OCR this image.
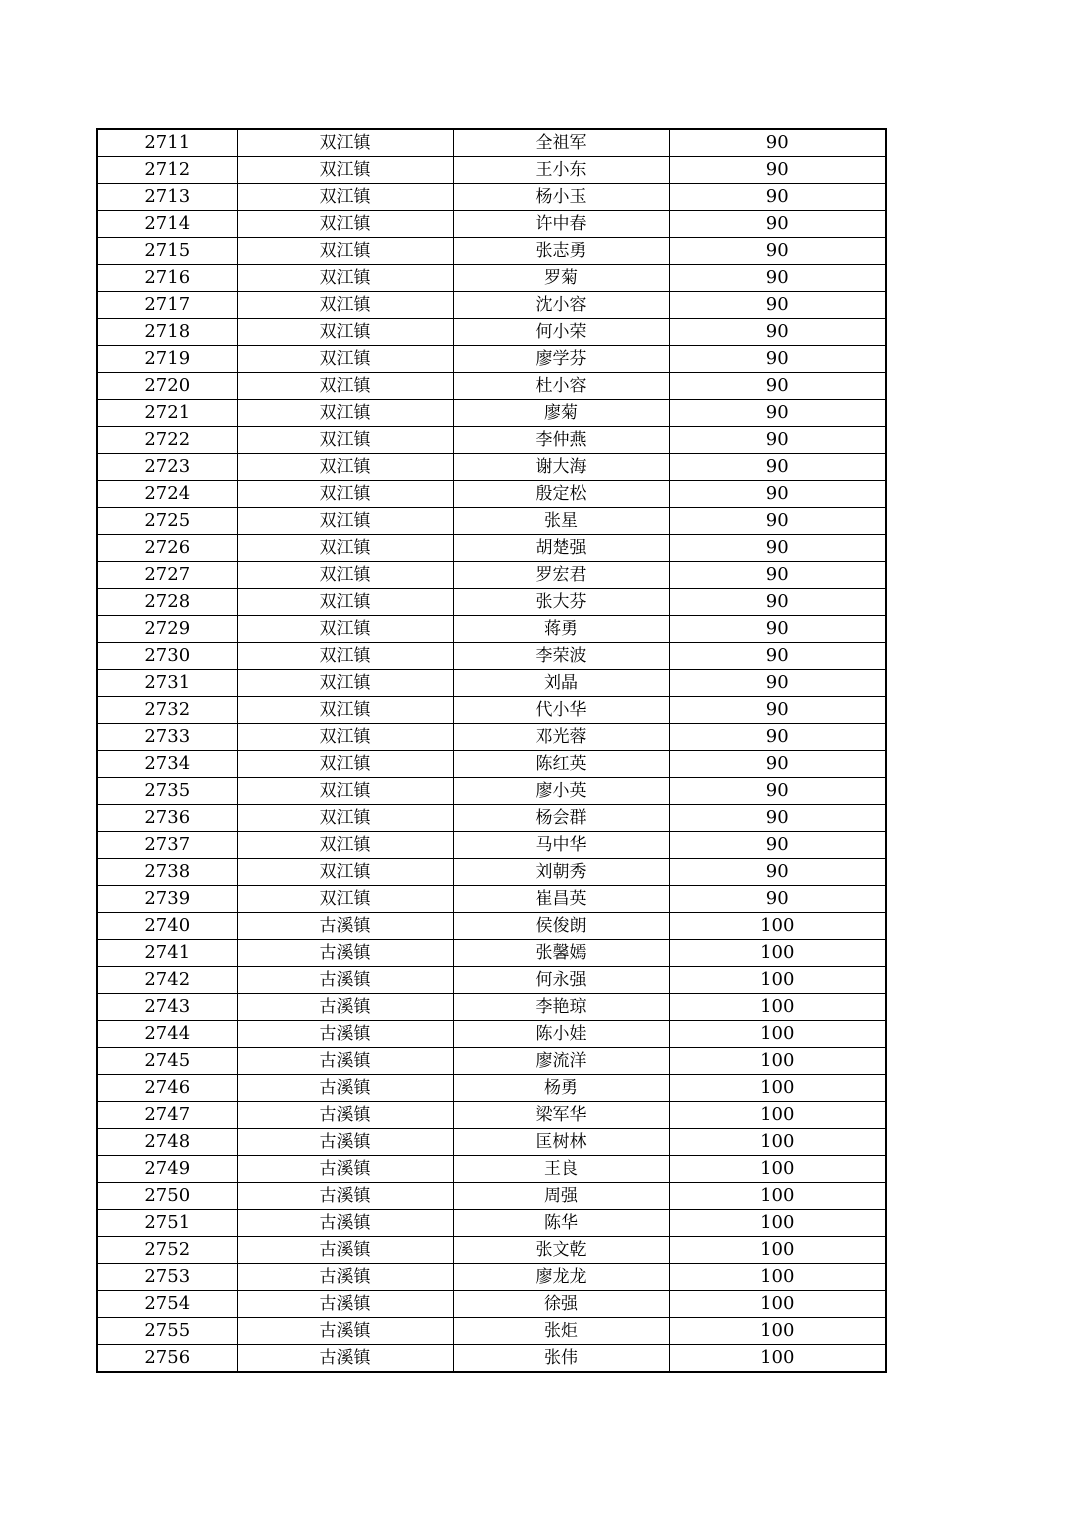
2711	双江镇	全祖军	90
2712	双江镇	王小东	90
2713	双江镇	杨小玉	90
2714	双江镇	许中春	90
2715	双江镇	张志勇	90
2716	双江镇	罗菊	90
2717	双江镇	沈小容	90
2718	双江镇	何小荣	90
2719	双江镇	廖学芬	90
2720	双江镇	杜小容	90
2721	双江镇	廖菊	90
2722	双江镇	李仲燕	90
2723	双江镇	谢大海	90
2724	双江镇	殷定松	90
2725	双江镇	张星	90
2726	双江镇	胡楚强	90
2727	双江镇	罗宏君	90
2728	双江镇	张大芬	90
2729	双江镇	蒋勇	90
2730	双江镇	李荣波	90
2731	双江镇	刘晶	90
2732	双江镇	代小华	90
2733	双江镇	邓光蓉	90
2734	双江镇	陈红英	90
2735	双江镇	廖小英	90
2736	双江镇	杨会群	90
2737	双江镇	马中华	90
2738	双江镇	刘朝秀	90
2739	双江镇	崔昌英	90
2740	古溪镇	侯俊朗	100
2741	古溪镇	张馨嫣	100
2742	古溪镇	何永强	100
2743	古溪镇	李艳琼	100
2744	古溪镇	陈小娃	100
2745	古溪镇	廖流洋	100
2746	古溪镇	杨勇	100
2747	古溪镇	梁军华	100
2748	古溪镇	匡树林	100
2749	古溪镇	王良	100
2750	古溪镇	周强	100
2751	古溪镇	陈华	100
2752	古溪镇	张文乾	100
2753	古溪镇	廖龙龙	100
2754	古溪镇	徐强	100
2755	古溪镇	张炬	100
2756	古溪镇	张伟	100
